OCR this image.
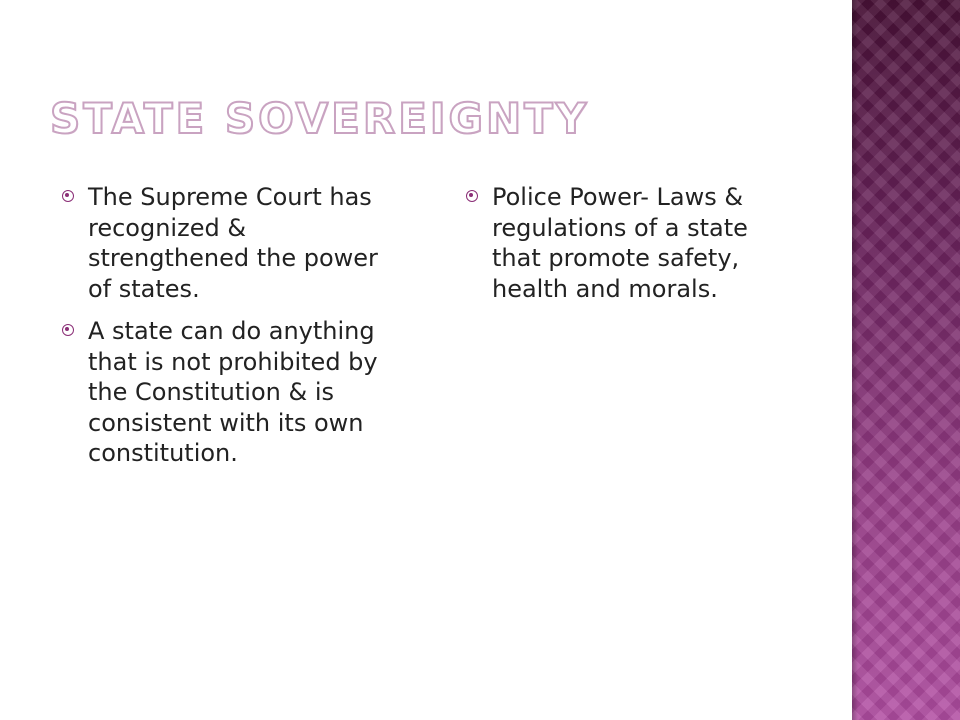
STATE SOVEREIGNTY
The Supreme Court has recognized & strengthened the power of states.
A state can do anything that is not prohibited by the Constitution & is consistent with its own constitution.
Police Power- Laws & regulations of a state that promote safety, health and morals.
